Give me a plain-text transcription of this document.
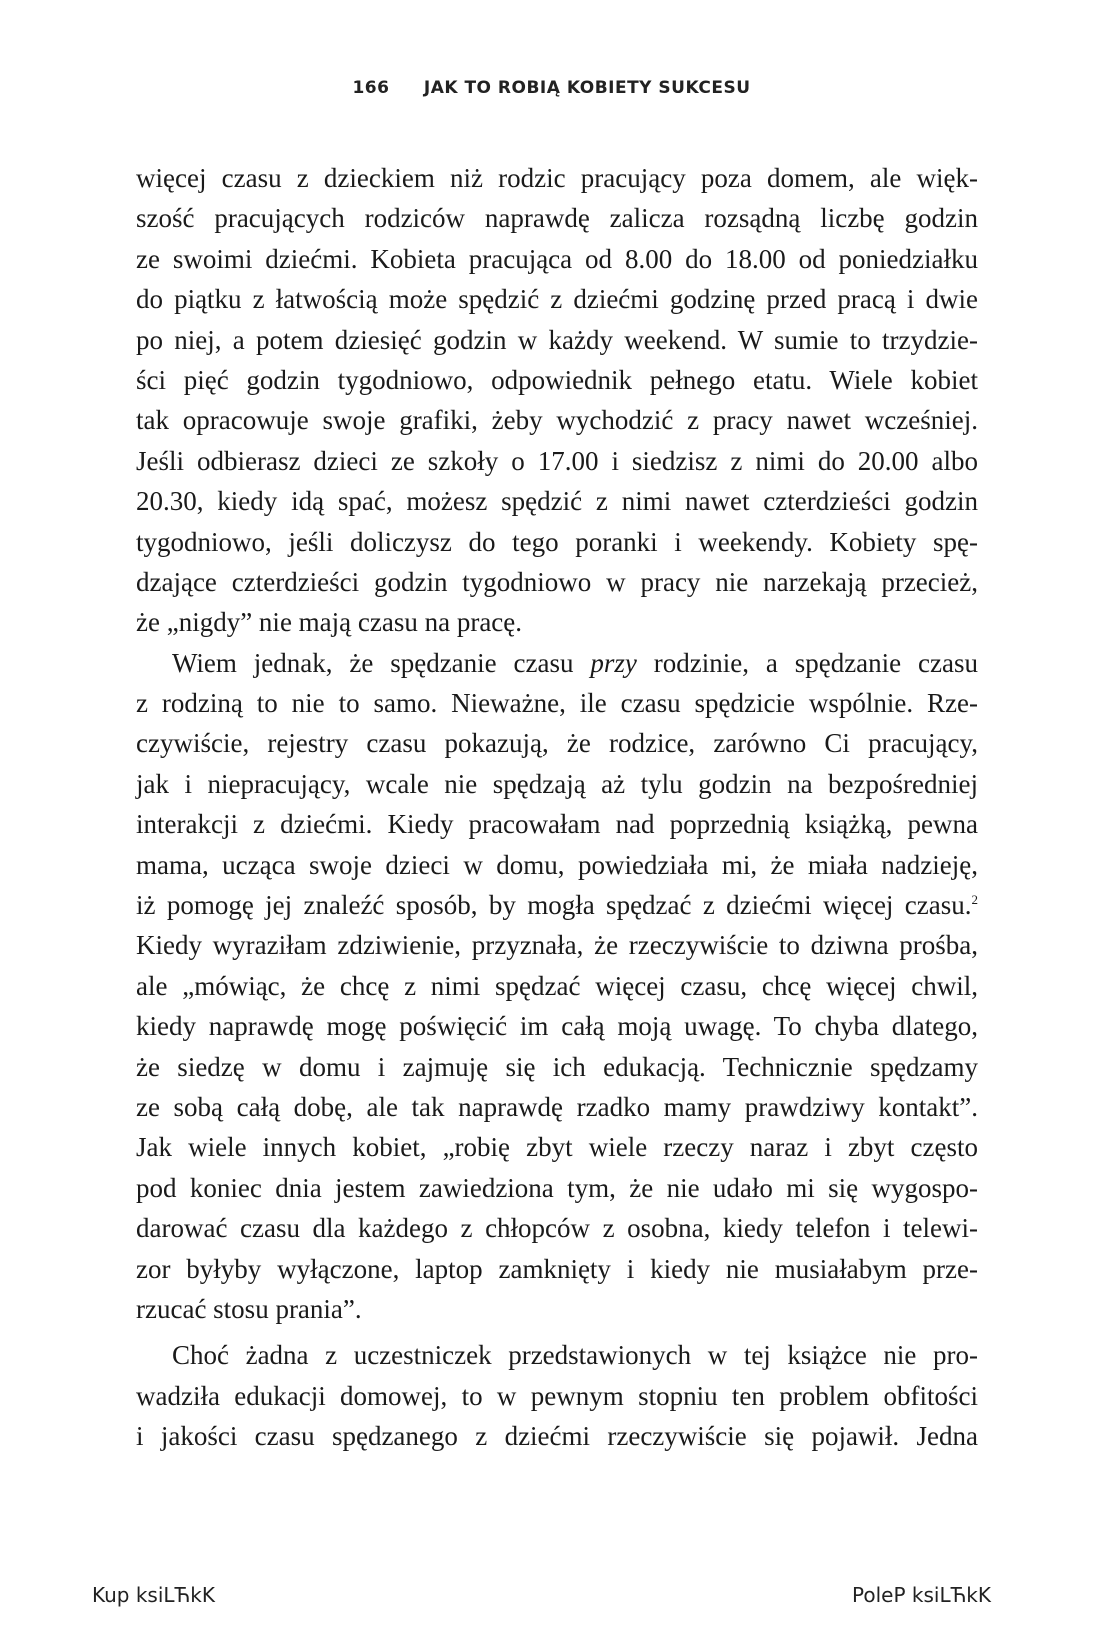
166 JAK TO ROBIĄ KOBIETY SUKCESU
więcej czasu z dzieckiem niż rodzic pracujący poza domem, ale więk-
szość pracujących rodziców naprawdę zalicza rozsądną liczbę godzin
ze swoimi dziećmi. Kobieta pracująca od 8.00 do 18.00 od poniedziałku
do piątku z łatwością może spędzić z dziećmi godzinę przed pracą i dwie
po niej, a potem dziesięć godzin w każdy weekend. W sumie to trzydzie-
ści pięć godzin tygodniowo, odpowiednik pełnego etatu. Wiele kobiet
tak opracowuje swoje grafiki, żeby wychodzić z pracy nawet wcześniej.
Jeśli odbierasz dzieci ze szkoły o 17.00 i siedzisz z nimi do 20.00 albo
20.30, kiedy idą spać, możesz spędzić z nimi nawet czterdzieści godzin
tygodniowo, jeśli doliczysz do tego poranki i weekendy. Kobiety spę-
dzające czterdzieści godzin tygodniowo w pracy nie narzekają przecież,
że „nigdy” nie mają czasu na pracę.
Wiem jednak, że spędzanie czasu przy rodzinie, a spędzanie czasu
z rodziną to nie to samo. Nieważne, ile czasu spędzicie wspólnie. Rze-
czywiście, rejestry czasu pokazują, że rodzice, zarówno Ci pracujący,
jak i niepracujący, wcale nie spędzają aż tylu godzin na bezpośredniej
interakcji z dziećmi. Kiedy pracowałam nad poprzednią książką, pewna
mama, ucząca swoje dzieci w domu, powiedziała mi, że miała nadzieję,
iż pomogę jej znaleźć sposób, by mogła spędzać z dziećmi więcej czasu.$^2$
Kiedy wyraziłam zdziwienie, przyznała, że rzeczywiście to dziwna prośba,
ale „mówiąc, że chcę z nimi spędzać więcej czasu, chcę więcej chwil,
kiedy naprawdę mogę poświęcić im całą moją uwagę. To chyba dlatego,
że siedzę w domu i zajmuję się ich edukacją. Technicznie spędzamy
ze sobą całą dobę, ale tak naprawdę rzadko mamy prawdziwy kontakt”.
Jak wiele innych kobiet, „robię zbyt wiele rzeczy naraz i zbyt często
pod koniec dnia jestem zawiedziona tym, że nie udało mi się wygospo-
darować czasu dla każdego z chłopców z osobna, kiedy telefon i telewi-
zor byłyby wyłączone, laptop zamknięty i kiedy nie musiałabym prze-
rzucać stosu prania”.
Choć żadna z uczestniczek przedstawionych w tej książce nie pro-
wadziła edukacji domowej, to w pewnym stopniu ten problem obfitości
i jakości czasu spędzanego z dziećmi rzeczywiście się pojawił. Jedna
Kup ksiLЋkK	PoleP ksiLЋkK
